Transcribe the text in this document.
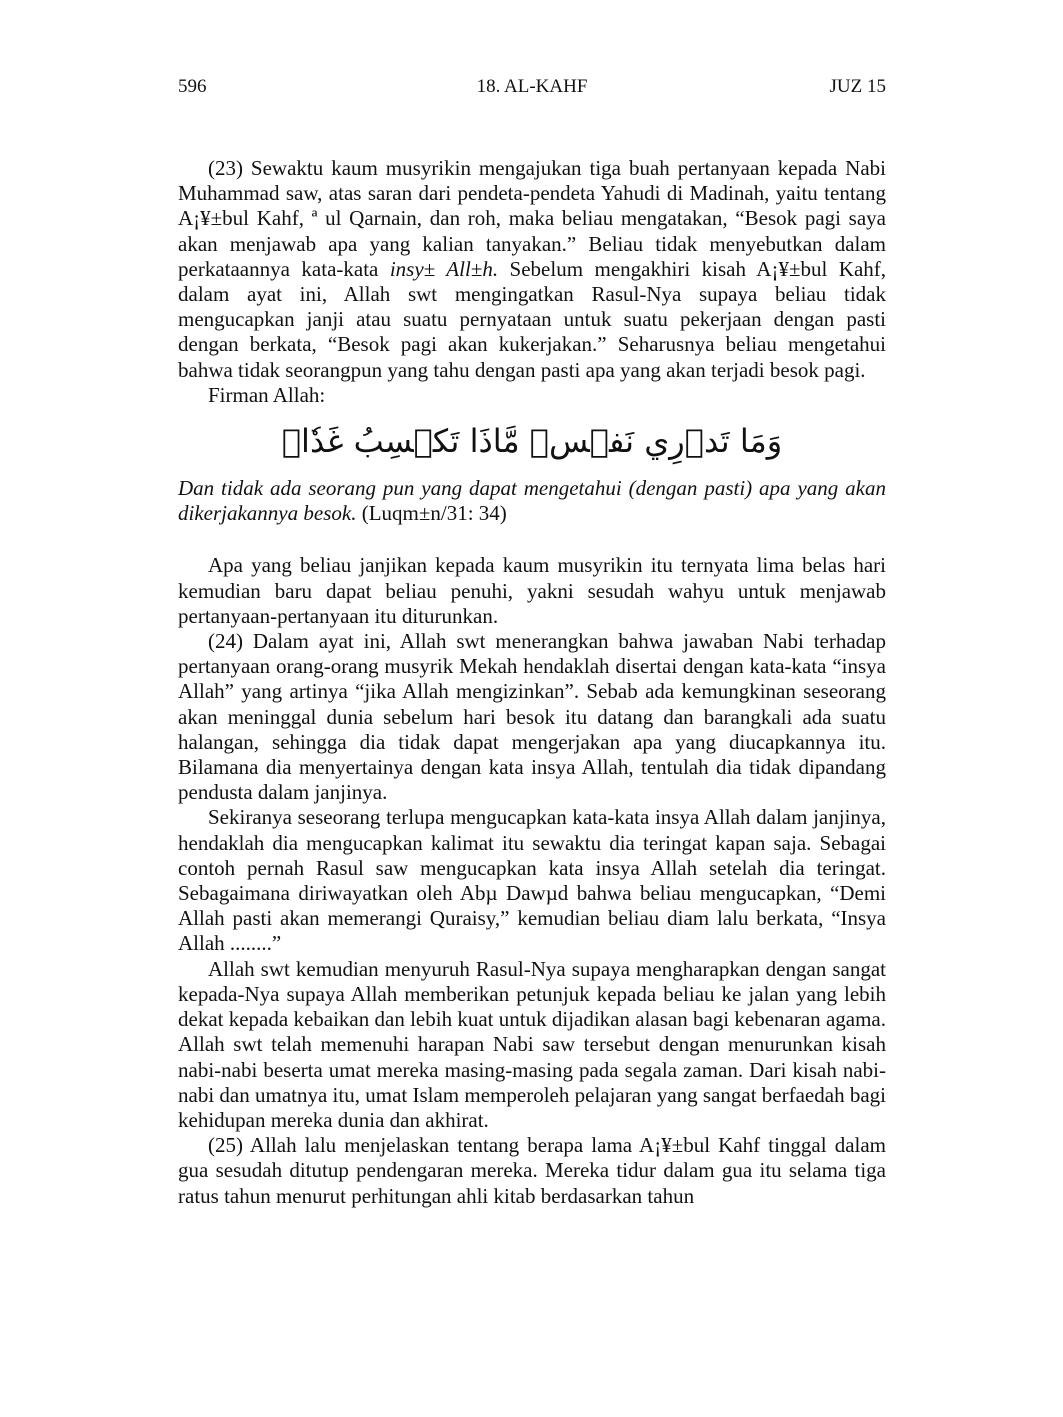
596	18. AL-KAHF	JUZ 15

(23) Sewaktu kaum musyrikin mengajukan tiga buah pertanyaan kepada Nabi Muhammad saw, atas saran dari pendeta-pendeta Yahudi di Madinah, yaitu tentang A¡¥±bul Kahf, ª ul Qarnain, dan roh, maka beliau mengatakan, “Besok pagi saya akan menjawab apa yang kalian tanyakan.” Beliau tidak menyebutkan dalam perkataannya kata-kata insy± All±h. Sebelum mengakhiri kisah A¡¥±bul Kahf, dalam ayat ini, Allah swt mengingatkan Rasul-Nya supaya beliau tidak mengucapkan janji atau suatu pernyataan untuk suatu pekerjaan dengan pasti dengan berkata, “Besok pagi akan kukerjakan.” Seharusnya beliau mengetahui bahwa tidak seorangpun yang tahu dengan pasti apa yang akan terjadi besok pagi.

Firman Allah:

وَمَا تَدۡرِي نَفۡسٞ مَّاذَا تَكۡسِبُ غَدٗاۖ

Dan tidak ada seorang pun yang dapat mengetahui (dengan pasti) apa yang akan dikerjakannya besok. (Luqm±n/31: 34)

Apa yang beliau janjikan kepada kaum musyrikin itu ternyata lima belas hari kemudian baru dapat beliau penuhi, yakni sesudah wahyu untuk menjawab pertanyaan-pertanyaan itu diturunkan.

(24) Dalam ayat ini, Allah swt menerangkan bahwa jawaban Nabi terhadap pertanyaan orang-orang musyrik Mekah hendaklah disertai dengan kata-kata “insya Allah” yang artinya “jika Allah mengizinkan”. Sebab ada kemungkinan seseorang akan meninggal dunia sebelum hari besok itu datang dan barangkali ada suatu halangan, sehingga dia tidak dapat mengerjakan apa yang diucapkannya itu. Bilamana dia menyertainya dengan kata insya Allah, tentulah dia tidak dipandang pendusta dalam janjinya.

Sekiranya seseorang terlupa mengucapkan kata-kata insya Allah dalam janjinya, hendaklah dia mengucapkan kalimat itu sewaktu dia teringat kapan saja. Sebagai contoh pernah Rasul saw mengucapkan kata insya Allah setelah dia teringat. Sebagaimana diriwayatkan oleh Abµ Dawµd bahwa beliau mengucapkan, “Demi Allah pasti akan memerangi Quraisy,” kemudian beliau diam lalu berkata, “Insya Allah ........”

Allah swt kemudian menyuruh Rasul-Nya supaya mengharapkan dengan sangat kepada-Nya supaya Allah memberikan petunjuk kepada beliau ke jalan yang lebih dekat kepada kebaikan dan lebih kuat untuk dijadikan alasan bagi kebenaran agama. Allah swt telah memenuhi harapan Nabi saw tersebut dengan menurunkan kisah nabi-nabi beserta umat mereka masing-masing pada segala zaman. Dari kisah nabi-nabi dan umatnya itu, umat Islam memperoleh pelajaran yang sangat berfaedah bagi kehidupan mereka dunia dan akhirat.

(25) Allah lalu menjelaskan tentang berapa lama A¡¥±bul Kahf tinggal dalam gua sesudah ditutup pendengaran mereka. Mereka tidur dalam gua itu selama tiga ratus tahun menurut perhitungan ahli kitab berdasarkan tahun
